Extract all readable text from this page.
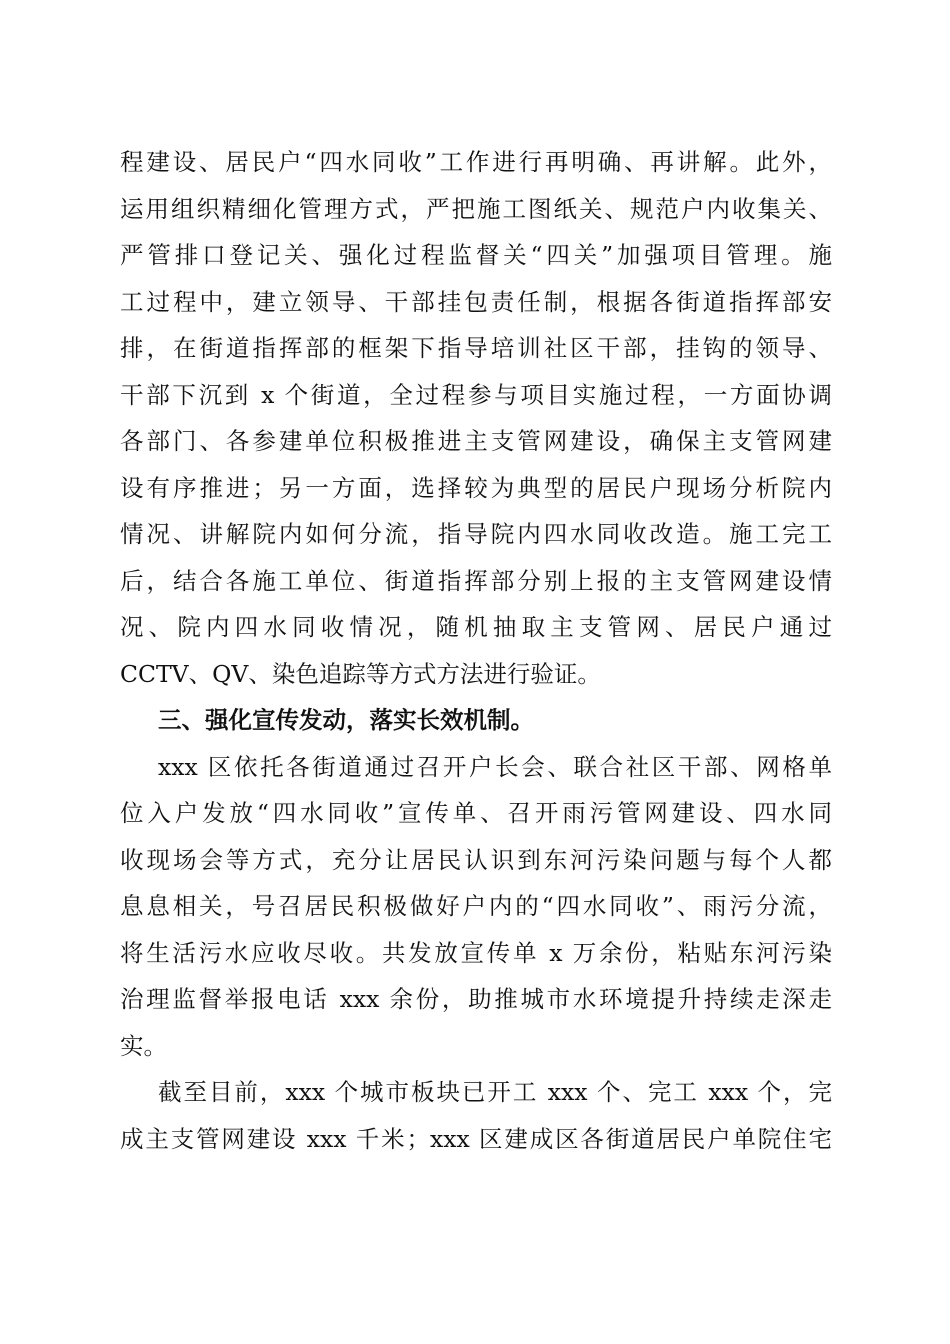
程建设、居民户“四水同收”工作进行再明确、再讲解。此外，
运用组织精细化管理方式，严把施工图纸关、规范户内收集关、
严管排口登记关、强化过程监督关“四关”加强项目管理。施
工过程中，建立领导、干部挂包责任制，根据各街道指挥部安
排，在街道指挥部的框架下指导培训社区干部，挂钩的领导、
干部下沉到 x 个街道，全过程参与项目实施过程，一方面协调
各部门、各参建单位积极推进主支管网建设，确保主支管网建
设有序推进；另一方面，选择较为典型的居民户现场分析院内
情况、讲解院内如何分流，指导院内四水同收改造。施工完工
后，结合各施工单位、街道指挥部分别上报的主支管网建设情
况、院内四水同收情况，随机抽取主支管网、居民户通过
CCTV、QV、染色追踪等方式方法进行验证。
三、强化宣传发动，落实长效机制。
xxx 区依托各街道通过召开户长会、联合社区干部、网格单
位入户发放“四水同收”宣传单、召开雨污管网建设、四水同
收现场会等方式，充分让居民认识到东河污染问题与每个人都
息息相关，号召居民积极做好户内的“四水同收”、雨污分流，
将生活污水应收尽收。共发放宣传单 x 万余份，粘贴东河污染
治理监督举报电话 xxx 余份，助推城市水环境提升持续走深走
实。
截至目前，xxx 个城市板块已开工 xxx 个、完工 xxx 个，完
成主支管网建设 xxx 千米；xxx 区建成区各街道居民户单院住宅
